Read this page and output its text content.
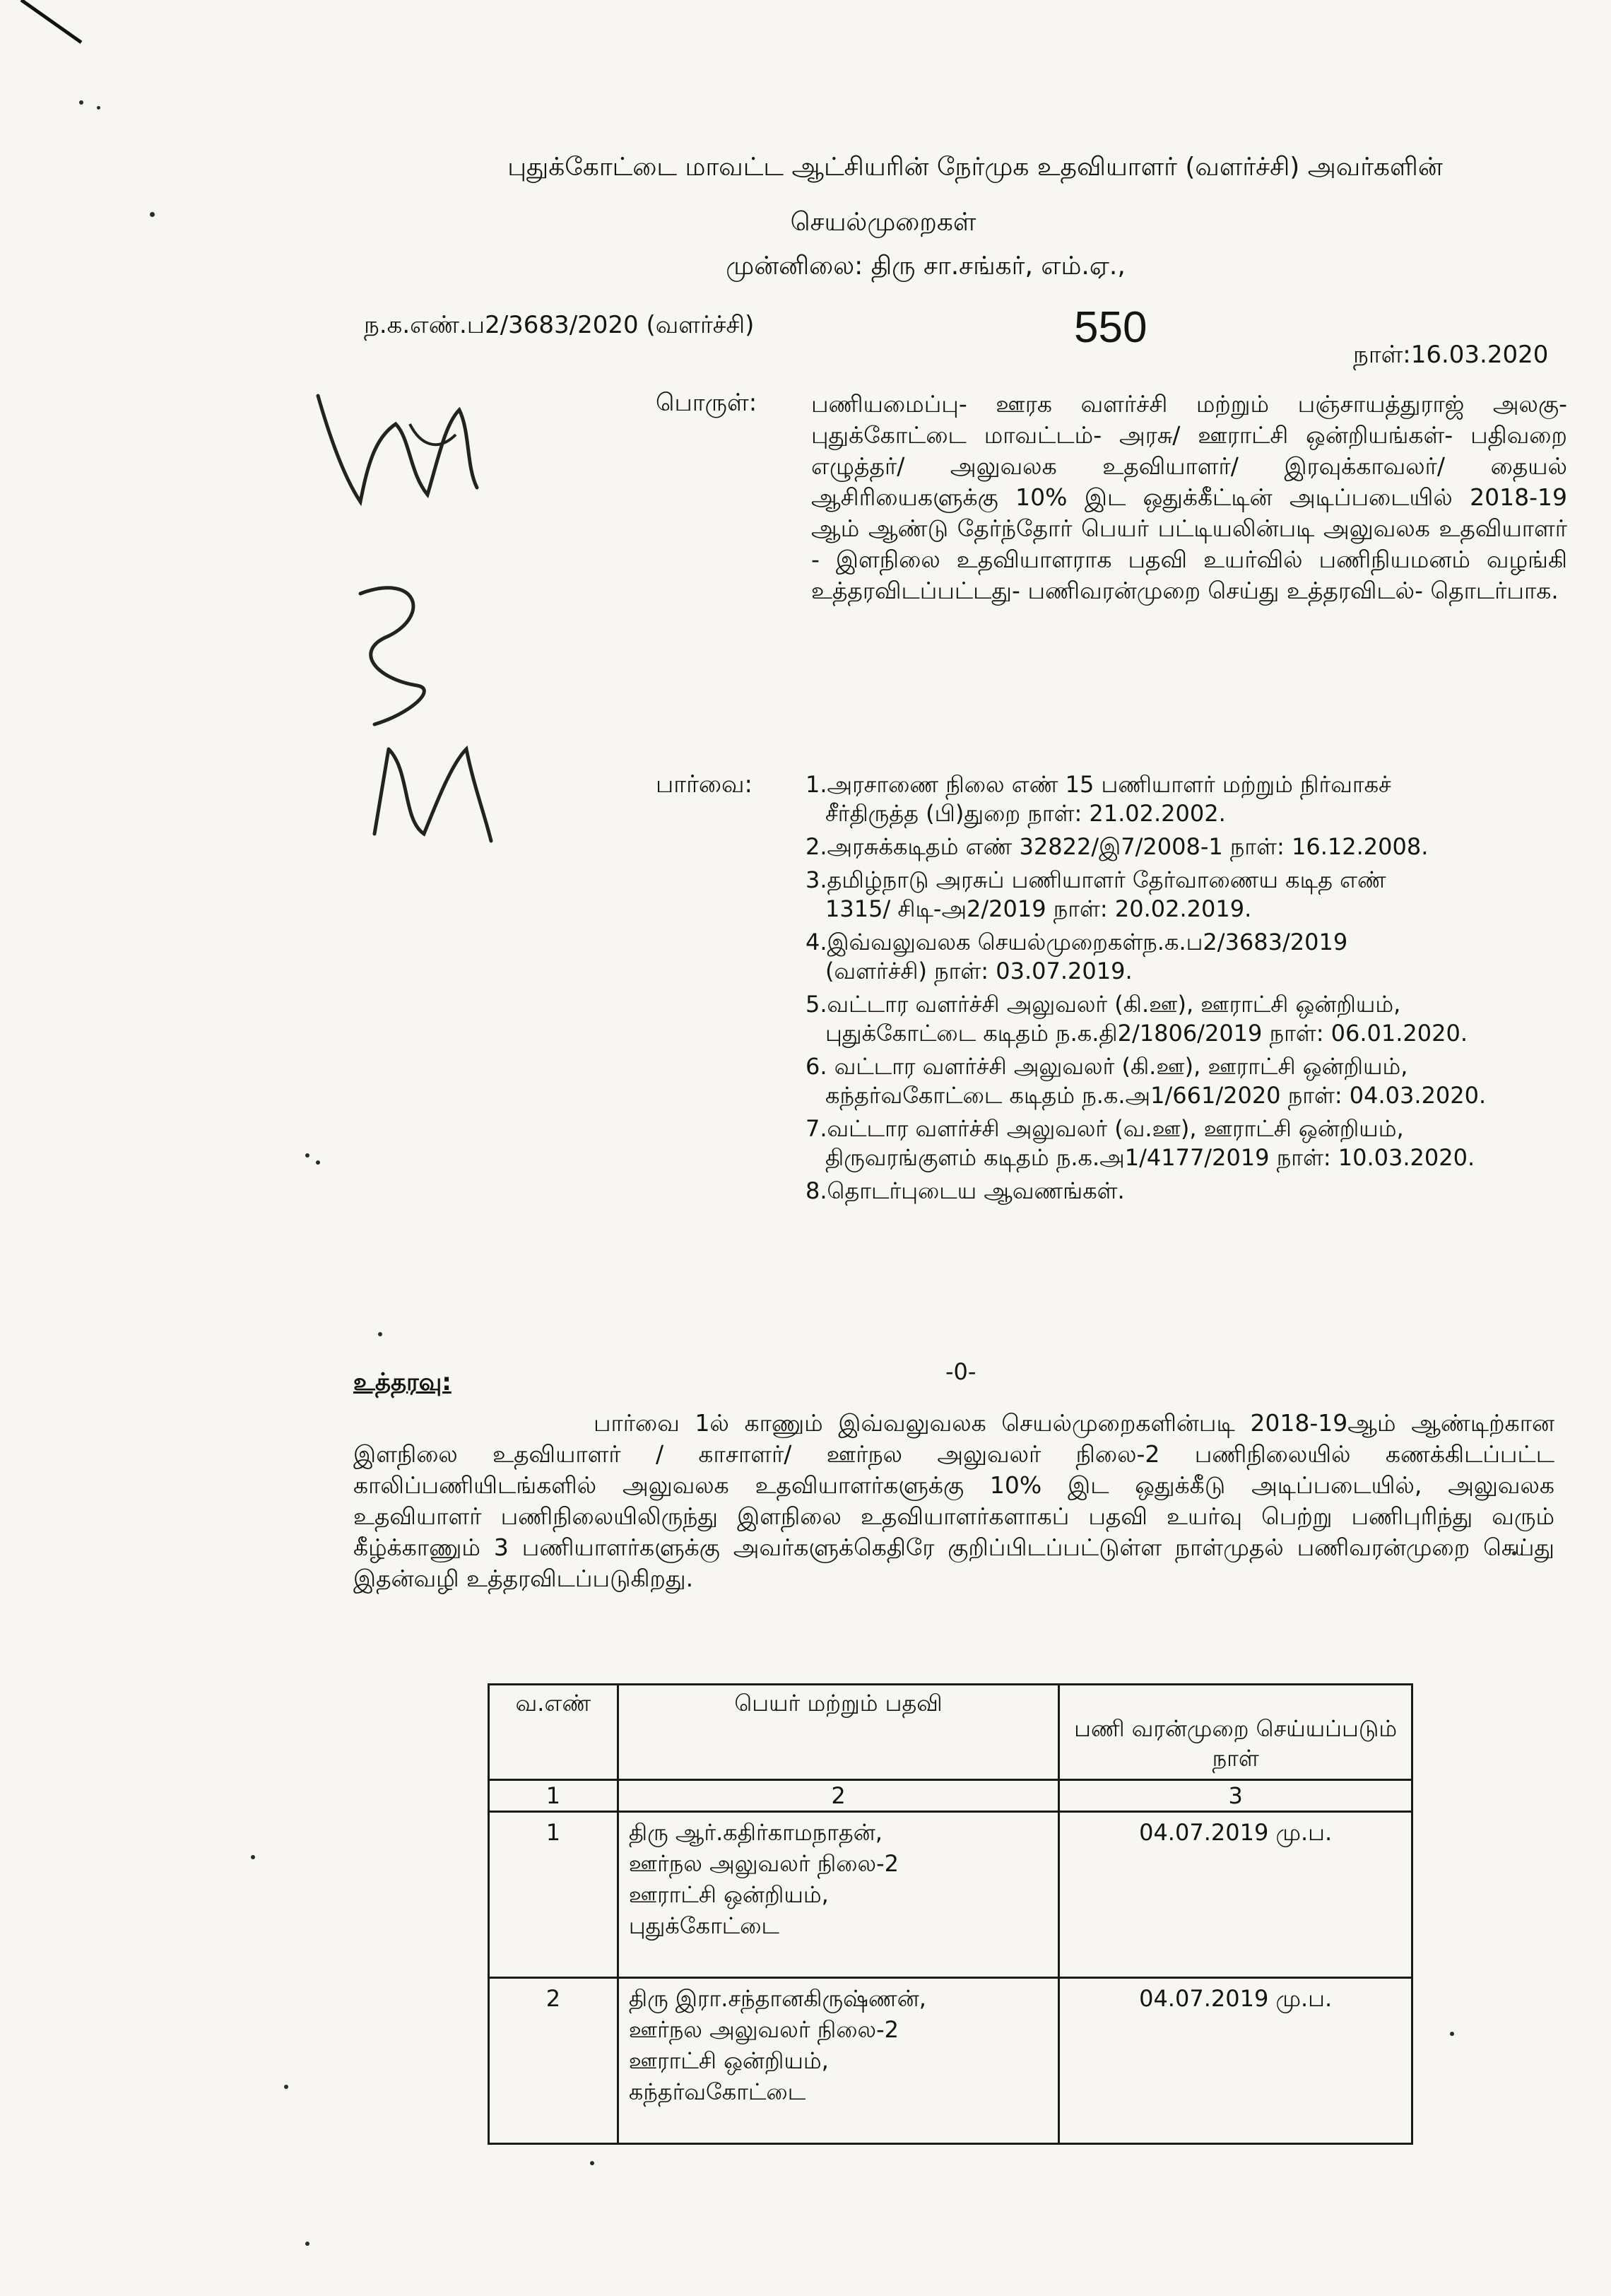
புதுக்கோட்டை மாவட்ட ஆட்சியரின் நேர்முக உதவியாளர் (வளர்ச்சி) அவர்களின்
செயல்முறைகள்
முன்னிலை: திரு சா.சங்கர், எம்.ஏ.,
ந.க.எண்.ப2/3683/2020 (வளர்ச்சி)	550
நாள்:16.03.2020
பொருள்: பணியமைப்பு- ஊரக வளர்ச்சி மற்றும் பஞ்சாயத்துராஜ் அலகு- புதுக்கோட்டை மாவட்டம்- அரசு/ ஊராட்சி ஒன்றியங்கள்- பதிவறை எழுத்தர்/ அலுவலக உதவியாளர்/ இரவுக்காவலர்/ தையல் ஆசிரியைகளுக்கு 10% இட ஒதுக்கீட்டின் அடிப்படையில் 2018-19 ஆம் ஆண்டு தேர்ந்தோர் பெயர் பட்டியலின்படி அலுவலக உதவியாளர் - இளநிலை உதவியாளராக பதவி உயர்வில் பணிநியமனம் வழங்கி உத்தரவிடப்பட்டது- பணிவரன்முறை செய்து உத்தரவிடல்- தொடர்பாக.
பார்வை: 1.அரசாணை நிலை எண் 15 பணியாளர் மற்றும் நிர்வாகச்
சீர்திருத்த (பி)துறை நாள்: 21.02.2002.
2.அரசுக்கடிதம் எண் 32822/இ7/2008-1 நாள்: 16.12.2008.
3.தமிழ்நாடு அரசுப் பணியாளர் தேர்வாணைய கடித எண்
1315/ சிடி-அ2/2019 நாள்: 20.02.2019.
4.இவ்வலுவலக செயல்முறைகள்ந.க.ப2/3683/2019
(வளர்ச்சி) நாள்: 03.07.2019.
5.வட்டார வளர்ச்சி அலுவலர் (கி.ஊ), ஊராட்சி ஒன்றியம்,
புதுக்கோட்டை கடிதம் ந.க.தி2/1806/2019 நாள்: 06.01.2020.
6. வட்டார வளர்ச்சி அலுவலர் (கி.ஊ), ஊராட்சி ஒன்றியம்,
கந்தர்வகோட்டை கடிதம் ந.க.அ1/661/2020 நாள்: 04.03.2020.
7.வட்டார வளர்ச்சி அலுவலர் (வ.ஊ), ஊராட்சி ஒன்றியம்,
திருவரங்குளம் கடிதம் ந.க.அ1/4177/2019 நாள்: 10.03.2020.
8.தொடர்புடைய ஆவணங்கள்.
-0-
உத்தரவு:
பார்வை 1ல் காணும் இவ்வலுவலக செயல்முறைகளின்படி 2018-19ஆம் ஆண்டிற்கான இளநிலை உதவியாளர் / காசாளர்/ ஊர்நல அலுவலர் நிலை-2 பணிநிலையில் கணக்கிடப்பட்ட காலிப்பணியிடங்களில் அலுவலக உதவியாளர்களுக்கு 10% இட ஒதுக்கீடு அடிப்படையில், அலுவலக உதவியாளர் பணிநிலையிலிருந்து இளநிலை உதவியாளர்களாகப் பதவி உயர்வு பெற்று பணிபுரிந்து வரும் கீழ்க்காணும் 3 பணியாளர்களுக்கு அவர்களுக்கெதிரே குறிப்பிடப்பட்டுள்ள நாள்முதல் பணிவரன்முறை செய்து இதன்வழி உத்தரவிடப்படுகிறது.
வ.எண்	பெயர் மற்றும் பதவி	பணி வரன்முறை செய்யப்படும் நாள்
1	2	3
1	திரு ஆர்.கதிர்காமநாதன்,
ஊர்நல அலுவலர் நிலை-2
ஊராட்சி ஒன்றியம்,
புதுக்கோட்டை	04.07.2019 மு.ப.
2	திரு இரா.சந்தானகிருஷ்ணன்,
ஊர்நல அலுவலர் நிலை-2
ஊராட்சி ஒன்றியம்,
கந்தர்வகோட்டை	04.07.2019 மு.ப.
